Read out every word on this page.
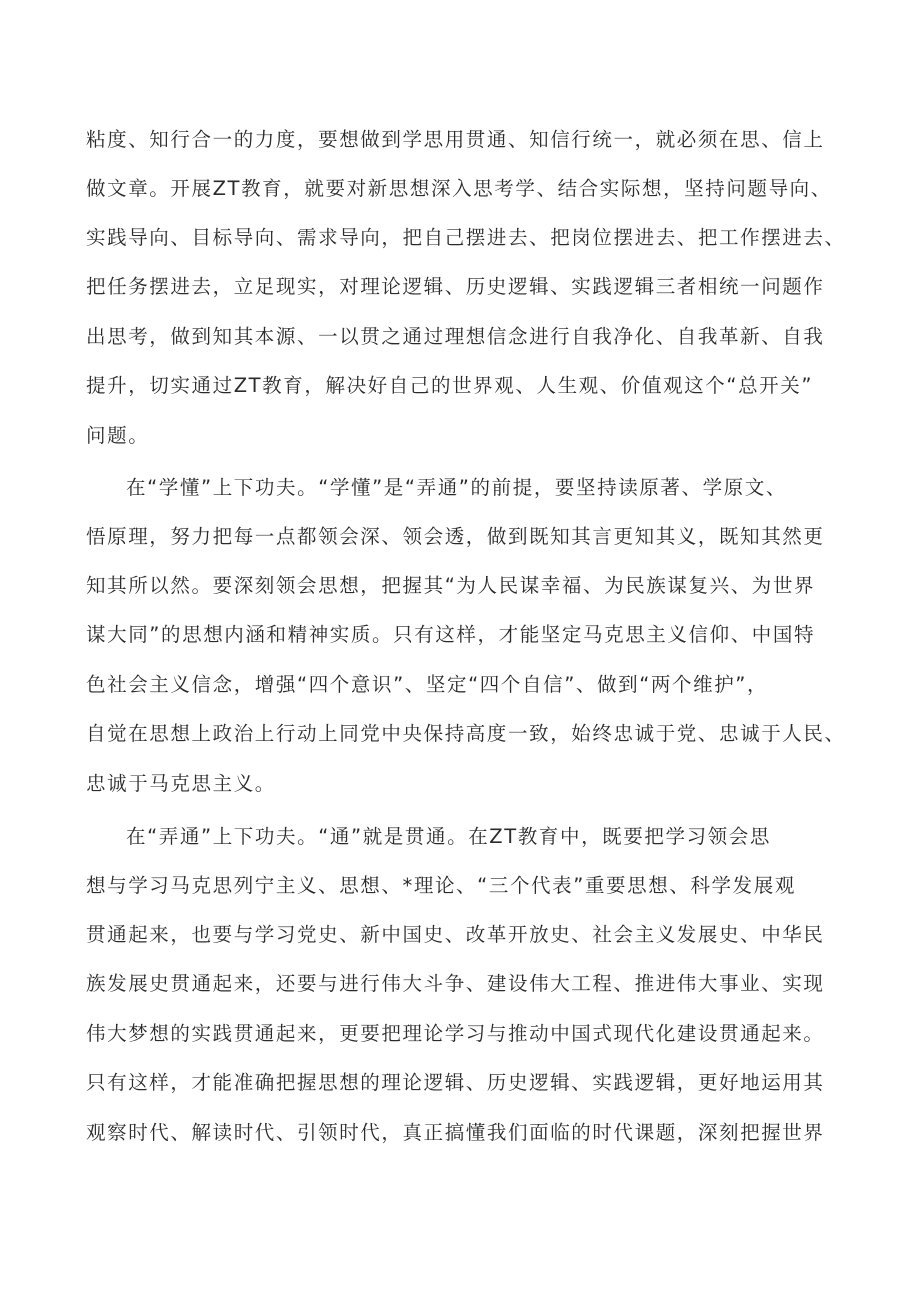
粘度、知行合一的力度，要想做到学思用贯通、知信行统一，就必须在思、信上
做文章。开展ZT教育，就要对新思想深入思考学、结合实际想，坚持问题导向、
实践导向、目标导向、需求导向，把自己摆进去、把岗位摆进去、把工作摆进去、
把任务摆进去，立足现实，对理论逻辑、历史逻辑、实践逻辑三者相统一问题作
出思考，做到知其本源、一以贯之通过理想信念进行自我净化、自我革新、自我
提升，切实通过ZT教育，解决好自己的世界观、人生观、价值观这个“总开关”
问题。
在“学懂”上下功夫。“学懂”是“弄通”的前提，要坚持读原著、学原文、
悟原理，努力把每一点都领会深、领会透，做到既知其言更知其义，既知其然更
知其所以然。要深刻领会思想，把握其“为人民谋幸福、为民族谋复兴、为世界
谋大同”的思想内涵和精神实质。只有这样，才能坚定马克思主义信仰、中国特
色社会主义信念，增强“四个意识”、坚定“四个自信”、做到“两个维护”，
自觉在思想上政治上行动上同党中央保持高度一致，始终忠诚于党、忠诚于人民、
忠诚于马克思主义。
在“弄通”上下功夫。“通”就是贯通。在ZT教育中，既要把学习领会思
想与学习马克思列宁主义、思想、*理论、“三个代表”重要思想、科学发展观
贯通起来，也要与学习党史、新中国史、改革开放史、社会主义发展史、中华民
族发展史贯通起来，还要与进行伟大斗争、建设伟大工程、推进伟大事业、实现
伟大梦想的实践贯通起来，更要把理论学习与推动中国式现代化建设贯通起来。
只有这样，才能准确把握思想的理论逻辑、历史逻辑、实践逻辑，更好地运用其
观察时代、解读时代、引领时代，真正搞懂我们面临的时代课题，深刻把握世界
